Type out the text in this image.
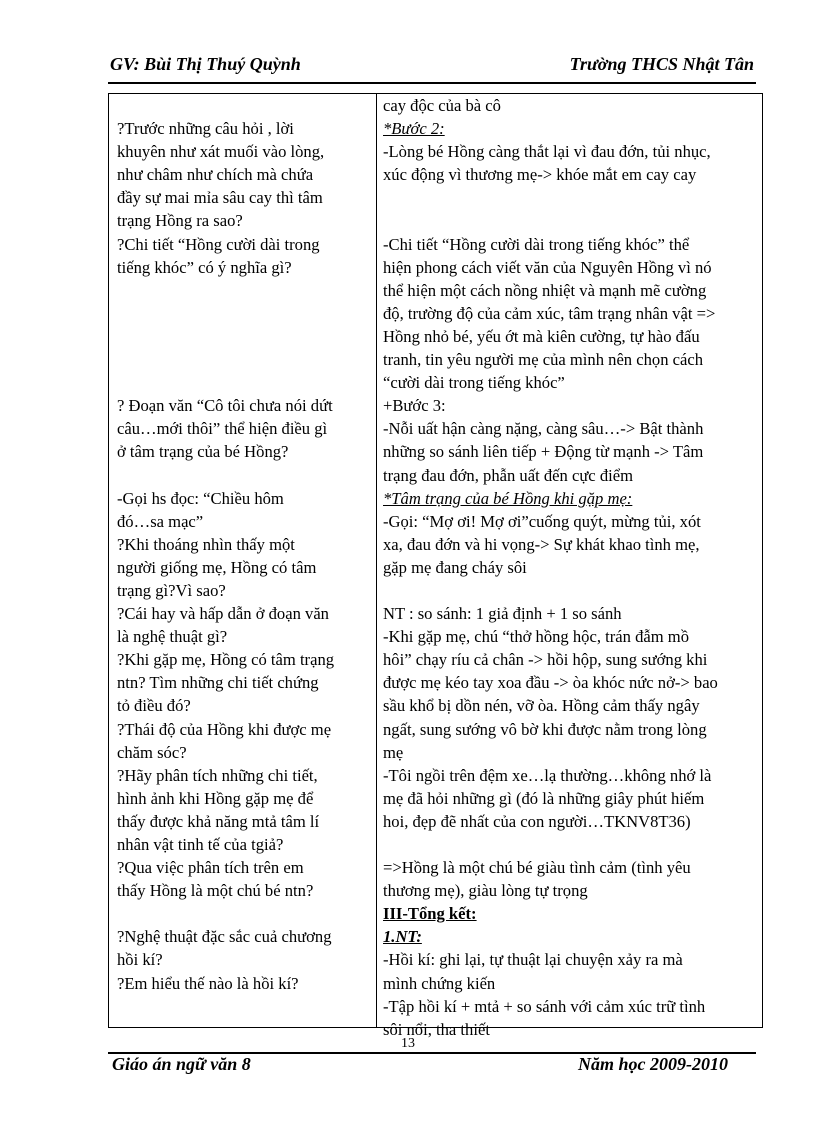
GV: Bùi Thị Thuý Quỳnh	Trường THCS Nhật Tân

?Trước những câu hỏi , lời

khuyên như xát muối vào lòng,

như châm như chích mà chứa

đầy sự mai mỉa sâu cay thì tâm

trạng Hồng ra sao?

?Chi tiết “Hồng cười dài trong

tiếng khóc” có ý nghĩa gì?

? Đoạn văn “Cô tôi chưa nói dứt

câu…mới thôi” thể hiện điều gì

ở tâm trạng của bé Hồng?

-Gọi hs đọc: “Chiều hôm

đó…sa mạc”

?Khi thoáng nhìn thấy một

người giống mẹ, Hồng có tâm

trạng gì?Vì sao?

?Cái hay và hấp dẫn ở đoạn văn

là nghệ thuật gì?

?Khi gặp mẹ, Hồng có tâm trạng

ntn? Tìm những chi tiết chứng

tỏ điều đó?

?Thái độ của Hồng khi được mẹ

chăm sóc?

?Hãy phân tích những chi tiết,

hình ảnh khi Hồng gặp mẹ để

thấy được khả năng mtả tâm lí

nhân vật tinh tế của tgiả?

?Qua việc phân tích trên em

thấy Hồng là một chú bé ntn?

?Nghệ thuật đặc sắc cuả chương

hồi kí?

?Em hiểu thế nào là hồi kí?

cay độc của bà cô

*Bước 2:

-Lòng bé Hồng càng thắt lại vì đau đớn, tủi nhục,

xúc động vì thương mẹ-> khóe mắt em cay cay

-Chi tiết “Hồng cười dài trong tiếng khóc” thể

hiện phong cách viết văn của Nguyên Hồng vì nó

thể hiện một cách nồng nhiệt và mạnh mẽ cường

độ, trường độ của cảm xúc, tâm trạng nhân vật =>

Hồng nhỏ bé, yếu ớt mà kiên cường, tự hào đấu

tranh, tin yêu người mẹ của mình nên chọn cách

“cười dài trong tiếng khóc”

+Bước 3:

-Nỗi uất hận càng nặng, càng sâu…-> Bật thành

những so sánh liên tiếp + Động từ mạnh -> Tâm

trạng đau đớn, phẫn uất đến cực điểm

*Tâm trạng của bé Hồng khi gặp mẹ:

-Gọi: “Mợ ơi! Mợ ơi”cuống quýt, mừng tủi, xót

xa, đau đớn và hi vọng-> Sự khát khao tình mẹ,

gặp mẹ đang cháy sôi

NT : so sánh: 1 giả định + 1 so sánh

-Khi gặp mẹ, chú “thở hồng hộc, trán đẫm mồ

hôi” chạy ríu cả chân -> hồi hộp, sung sướng khi

được mẹ kéo tay xoa đầu -> òa khóc nức nở-> bao

sầu khổ bị dồn nén, vỡ òa. Hồng cảm thấy ngây

ngất, sung sướng vô bờ khi được nằm trong lòng

mẹ

-Tôi ngồi trên đệm xe…lạ thường…không nhớ là

mẹ đã hỏi những gì (đó là những giây phút hiếm

hoi, đẹp đẽ nhất của con người…TKNV8T36)

=>Hồng là một chú bé giàu tình cảm (tình yêu

thương mẹ), giàu lòng tự trọng

III-Tổng kết:

1.NT:

-Hồi kí: ghi lại, tự thuật lại chuyện xảy ra mà

mình chứng kiến

-Tập hồi kí + mtả + so sánh với cảm xúc trữ tình

sôi nổi, tha thiết

13
Giáo án ngữ văn 8	Năm học 2009-2010
